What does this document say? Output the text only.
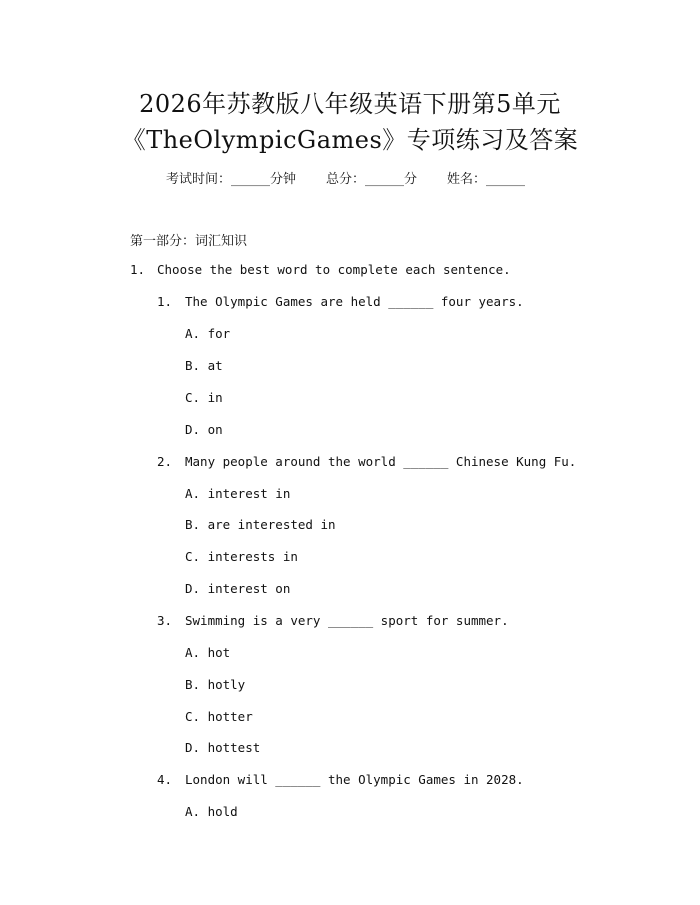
2026年苏教版八年级英语下册第5单元
《TheOlympicGames》专项练习及答案
考试时间：______分钟 总分：______分 姓名：______
第一部分：词汇知识
1. Choose the best word to complete each sentence.
1. The Olympic Games are held ______ four years.
A. for
B. at
C. in
D. on
2. Many people around the world ______ Chinese Kung Fu.
A. interest in
B. are interested in
C. interests in
D. interest on
3. Swimming is a very ______ sport for summer.
A. hot
B. hotly
C. hotter
D. hottest
4. London will ______ the Olympic Games in 2028.
A. hold
